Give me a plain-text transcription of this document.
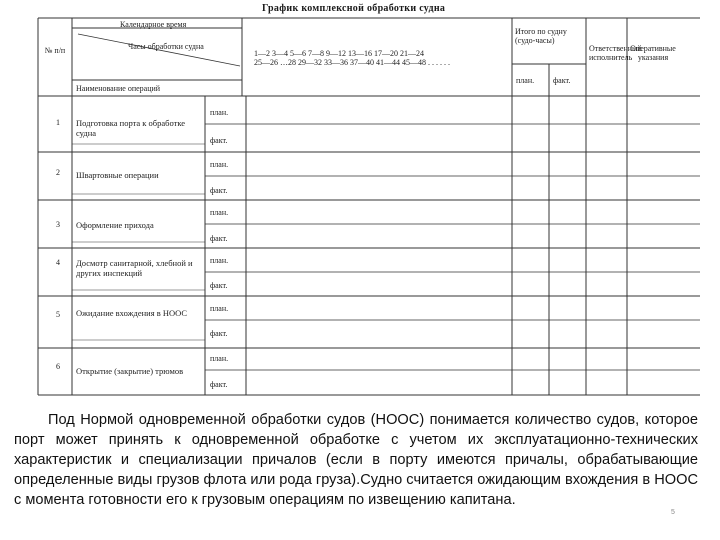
График комплексной обработки судна
№ п/п
Календарное время
Часы обработки судна
Наименование операций
1—2 3—4 5—6 7—8 9—12 13—16 17—20 21—24
25—26 …28 29—32 33—36 37—40 41—44 45—48 . . . . . .
Итого по судну (судо-часы)
план. факт.
Ответственный исполнитель
Оперативные указания
1 Подготовка порта к обработке судна
план.
факт.
2 Швартовные операции
план.
факт.
3 Оформление прихода
план.
факт.
4 Досмотр санитарной, хлебной и других инспекций
план.
факт.
5 Ожидание вхождения в НООС	план.
факт.
6 Открытие (закрытие) трюмов
план.
факт.

Под Нормой одновременной обработки судов (НООС) понимается количество судов, которое порт может принять к одновременной обработке с учетом их эксплуатационно-технических характеристик и специализации причалов (если в порту имеются причалы, обрабатывающие определенные виды грузов флота или рода груза).Судно считается ожидающим вхождения в НООС с момента готовности его к грузовым операциям по извещению капитана.

5
